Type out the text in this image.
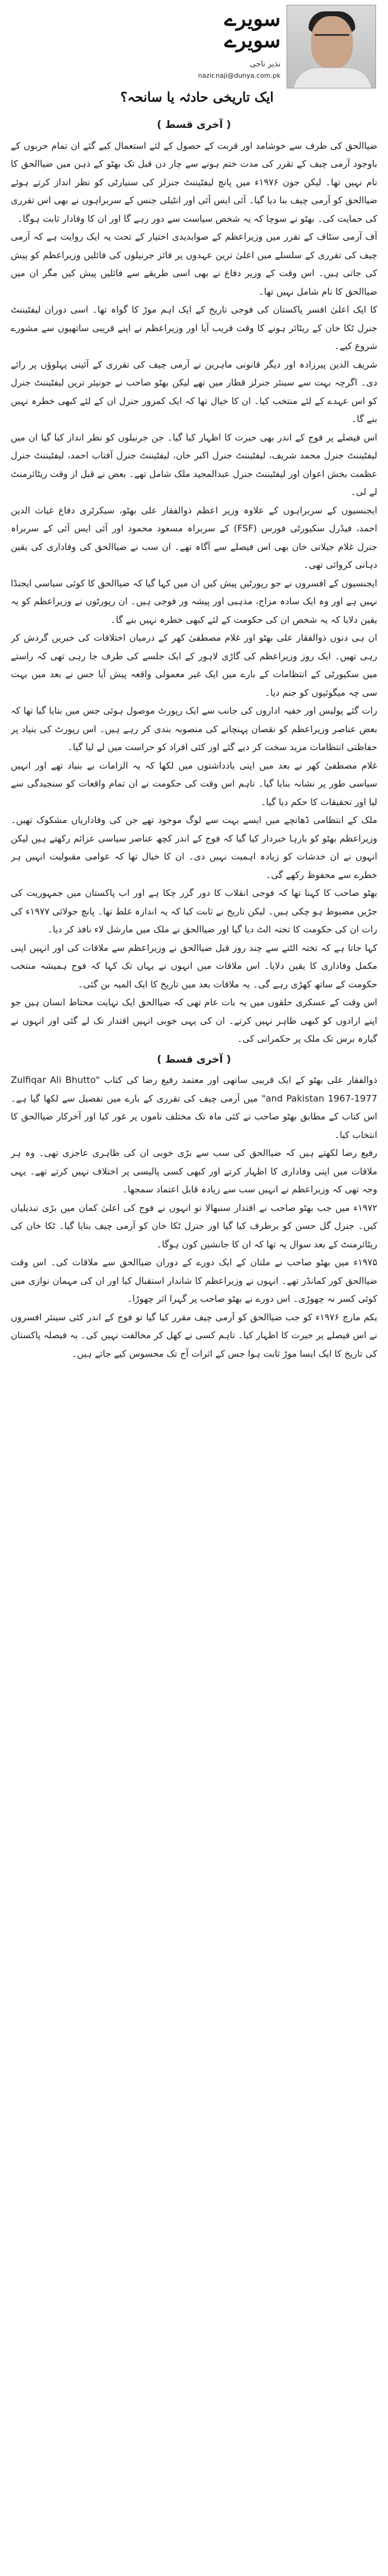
سویرے سویرے
نذیر ناجی
nazir.naji@dunya.com.pk
ایک تاریخی حادثہ یا سانحہ؟
( آخری قسط )

ضیاالحق کی طرف سے خوشامد اور قربت کے حصول کے لئے استعمال کیے گئے ان تمام حربوں کے باوجود آرمی چیف کے تقرر کی مدت ختم ہونے سے چار دن قبل تک بھٹو کے ذہن میں ضیاالحق کا نام نہیں تھا۔ لیکن جون ۱۹۷۶ء میں پانچ لیفٹیننٹ جنرلز کی سنیارٹی کو نظر انداز کرتے ہوئے ضیاالحق کو آرمی چیف بنا دیا گیا۔ آئی ایس آئی اور انٹیلی جنس کے سربراہوں نے بھی اس تقرری کی حمایت کی۔ بھٹو نے سوچا کہ یہ شخص سیاست سے دور رہے گا اور ان کا وفادار ثابت ہوگا۔

آف آرمی سٹاف کے تقرر میں وزیراعظم کے صوابدیدی اختیار کے تحت یہ ایک روایت ہے کہ آرمی چیف کی تقرری کے سلسلے میں اعلیٰ ترین عہدوں پر فائز جرنیلوں کی فائلیں وزیراعظم کو پیش کی جاتی ہیں۔ اس وقت کے وزیر دفاع نے بھی اسی طریقے سے فائلیں پیش کیں مگر ان میں ضیاالحق کا نام شامل نہیں تھا۔

کا ایک اعلیٰ افسر پاکستان کی فوجی تاریخ کے ایک اہم موڑ کا گواہ تھا۔ اسی دوران لیفٹیننٹ جنرل ٹکا خان کے ریٹائر ہونے کا وقت قریب آیا اور وزیراعظم نے اپنے قریبی ساتھیوں سے مشورے شروع کیے۔

شریف الدین پیرزادہ اور دیگر قانونی ماہرین نے آرمی چیف کی تقرری کے آئینی پہلوؤں پر رائے دی۔ اگرچہ بہت سے سینئر جنرلز قطار میں تھے لیکن بھٹو صاحب نے جونیئر ترین لیفٹیننٹ جنرل کو اس عہدے کے لئے منتخب کیا۔ ان کا خیال تھا کہ ایک کمزور جنرل ان کے لئے کبھی خطرہ نہیں بنے گا۔

اس فیصلے پر فوج کے اندر بھی حیرت کا اظہار کیا گیا۔ جن جرنیلوں کو نظر انداز کیا گیا ان میں لیفٹیننٹ جنرل محمد شریف، لیفٹیننٹ جنرل اکبر خان، لیفٹیننٹ جنرل آفتاب احمد، لیفٹیننٹ جنرل عظمت بخش اعوان اور لیفٹیننٹ جنرل عبدالمجید ملک شامل تھے۔ بعض نے قبل از وقت ریٹائرمنٹ لے لی۔

ایجنسیوں کے سربراہوں کے علاوہ وزیر اعظم ذوالفقار علی بھٹو، سیکرٹری دفاع غیاث الدین احمد، فیڈرل سکیورٹی فورس (FSF) کے سربراہ مسعود محمود اور آئی ایس آئی کے سربراہ جنرل غلام جیلانی خان بھی اس فیصلے سے آگاہ تھے۔ ان سب نے ضیاالحق کی وفاداری کی یقین دہانی کروائی تھی۔

ایجنسیوں کے افسروں نے جو رپورٹیں پیش کیں ان میں کہا گیا کہ ضیاالحق کا کوئی سیاسی ایجنڈا نہیں ہے اور وہ ایک سادہ مزاج، مذہبی اور پیشہ ور فوجی ہیں۔ ان رپورٹوں نے وزیراعظم کو یہ یقین دلایا کہ یہ شخص ان کی حکومت کے لئے کبھی خطرہ نہیں بنے گا۔

ان ہی دنوں ذوالفقار علی بھٹو اور غلام مصطفیٰ کھر کے درمیان اختلافات کی خبریں گردش کر رہی تھیں۔ ایک روز وزیراعظم کی گاڑی لاہور کے ایک جلسے کی طرف جا رہی تھی کہ راستے میں سکیورٹی کے انتظامات کے بارے میں ایک غیر معمولی واقعہ پیش آیا جس نے بعد میں بہت سی چہ میگوئیوں کو جنم دیا۔

رات گئے پولیس اور خفیہ اداروں کی جانب سے ایک رپورٹ موصول ہوئی جس میں بتایا گیا تھا کہ بعض عناصر وزیراعظم کو نقصان پہنچانے کی منصوبہ بندی کر رہے ہیں۔ اس رپورٹ کی بنیاد پر حفاظتی انتظامات مزید سخت کر دیے گئے اور کئی افراد کو حراست میں لے لیا گیا۔

غلام مصطفیٰ کھر نے بعد میں اپنی یادداشتوں میں لکھا کہ یہ الزامات بے بنیاد تھے اور انہیں سیاسی طور پر نشانہ بنایا گیا۔ تاہم اس وقت کی حکومت نے ان تمام واقعات کو سنجیدگی سے لیا اور تحقیقات کا حکم دیا گیا۔

ملک کے انتظامی ڈھانچے میں ایسے بہت سے لوگ موجود تھے جن کی وفاداریاں مشکوک تھیں۔ وزیراعظم بھٹو کو بارہا خبردار کیا گیا کہ فوج کے اندر کچھ عناصر سیاسی عزائم رکھتے ہیں لیکن انہوں نے ان خدشات کو زیادہ اہمیت نہیں دی۔ ان کا خیال تھا کہ عوامی مقبولیت انہیں ہر خطرے سے محفوظ رکھے گی۔

بھٹو صاحب کا کہنا تھا کہ فوجی انقلاب کا دور گزر چکا ہے اور اب پاکستان میں جمہوریت کی جڑیں مضبوط ہو چکی ہیں۔ لیکن تاریخ نے ثابت کیا کہ یہ اندازہ غلط تھا۔ پانچ جولائی ۱۹۷۷ء کی رات ان کی حکومت کا تختہ الٹ دیا گیا اور ضیاالحق نے ملک میں مارشل لاء نافذ کر دیا۔

کہا جاتا ہے کہ تختہ الٹنے سے چند روز قبل ضیاالحق نے وزیراعظم سے ملاقات کی اور انہیں اپنی مکمل وفاداری کا یقین دلایا۔ اس ملاقات میں انہوں نے یہاں تک کہا کہ فوج ہمیشہ منتخب حکومت کے ساتھ کھڑی رہے گی۔ یہ ملاقات بعد میں تاریخ کا ایک المیہ بن گئی۔

اس وقت کے عسکری حلقوں میں یہ بات عام تھی کہ ضیاالحق ایک نہایت محتاط انسان ہیں جو اپنے ارادوں کو کبھی ظاہر نہیں کرتے۔ ان کی یہی خوبی انہیں اقتدار تک لے گئی اور انہوں نے گیارہ برس تک ملک پر حکمرانی کی۔

( آخری قسط )

ذوالفقار علی بھٹو کے ایک قریبی ساتھی اور معتمد رفیع رضا کی کتاب "Zulfiqar Ali Bhutto and Pakistan 1967-1977" میں آرمی چیف کی تقرری کے بارے میں تفصیل سے لکھا گیا ہے۔ اس کتاب کے مطابق بھٹو صاحب نے کئی ماہ تک مختلف ناموں پر غور کیا اور آخرکار ضیاالحق کا انتخاب کیا۔

رفیع رضا لکھتے ہیں کہ ضیاالحق کی سب سے بڑی خوبی ان کی ظاہری عاجزی تھی۔ وہ ہر ملاقات میں اپنی وفاداری کا اظہار کرتے اور کبھی کسی پالیسی پر اختلاف نہیں کرتے تھے۔ یہی وجہ تھی کہ وزیراعظم نے انہیں سب سے زیادہ قابل اعتماد سمجھا۔

۱۹۷۲ء میں جب بھٹو صاحب نے اقتدار سنبھالا تو انہوں نے فوج کی اعلیٰ کمان میں بڑی تبدیلیاں کیں۔ جنرل گل حسن کو برطرف کیا گیا اور جنرل ٹکا خان کو آرمی چیف بنایا گیا۔ ٹکا خان کی ریٹائرمنٹ کے بعد سوال یہ تھا کہ ان کا جانشین کون ہوگا۔

۱۹۷۵ء میں بھٹو صاحب نے ملتان کے ایک دورے کے دوران ضیاالحق سے ملاقات کی۔ اس وقت ضیاالحق کور کمانڈر تھے۔ انہوں نے وزیراعظم کا شاندار استقبال کیا اور ان کی مہمان نوازی میں کوئی کسر نہ چھوڑی۔ اس دورے نے بھٹو صاحب پر گہرا اثر چھوڑا۔

یکم مارچ ۱۹۷۶ء کو جب ضیاالحق کو آرمی چیف مقرر کیا گیا تو فوج کے اندر کئی سینئر افسروں نے اس فیصلے پر حیرت کا اظہار کیا۔ تاہم کسی نے کھل کر مخالفت نہیں کی۔ یہ فیصلہ پاکستان کی تاریخ کا ایک ایسا موڑ ثابت ہوا جس کے اثرات آج تک محسوس کیے جاتے ہیں۔
